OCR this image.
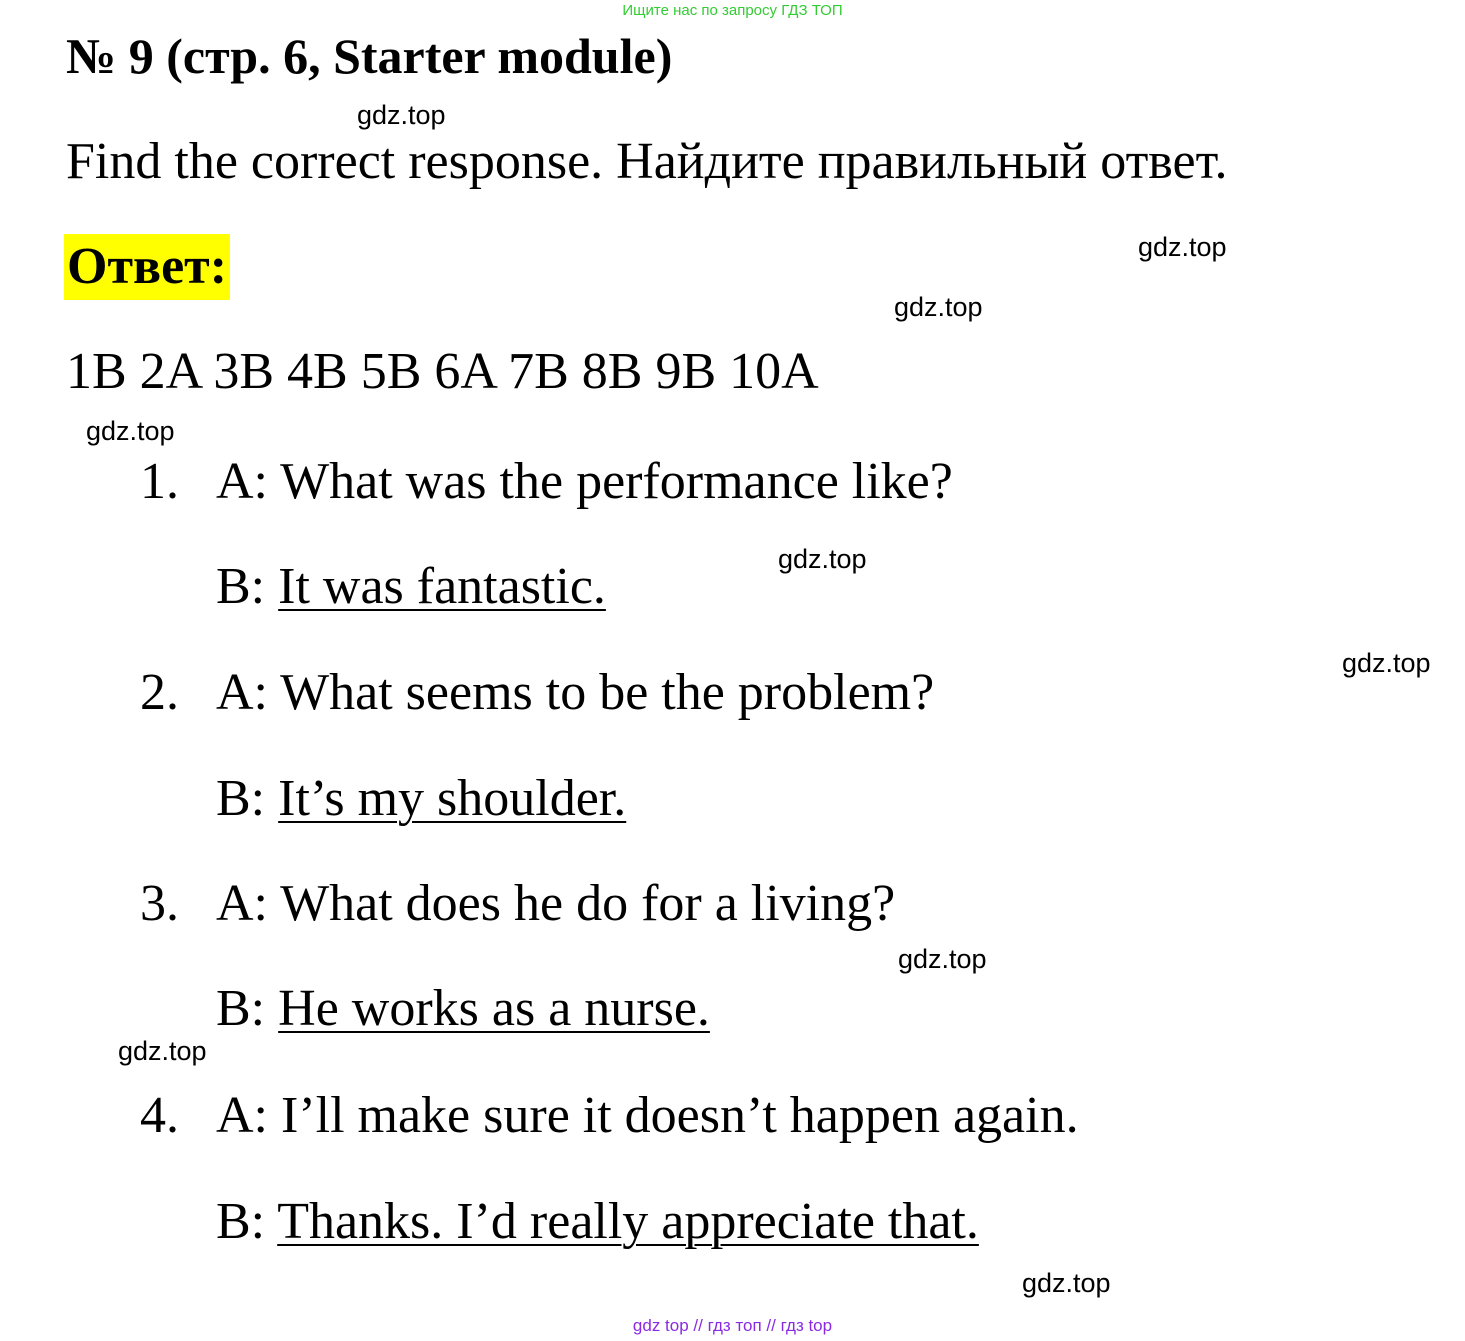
Ищите нас по запросу ГДЗ ТОП
№ 9 (стр. 6, Starter module)
Find the correct response. Найдите правильный ответ.
Ответ:
1B 2A 3B 4B 5B 6A 7B 8B 9B 10A
1. A: What was the performance like?
B: It was fantastic.
2. A: What seems to be the problem?
B: It’s my shoulder.
3. A: What does he do for a living?
B: He works as a nurse.
4. A: I’ll make sure it doesn’t happen again.
B: Thanks. I’d really appreciate that.
gdz.top
gdz.top
gdz.top
gdz.top
gdz.top
gdz.top
gdz.top
gdz.top
gdz.top
gdz top // гдз топ // гдз top
